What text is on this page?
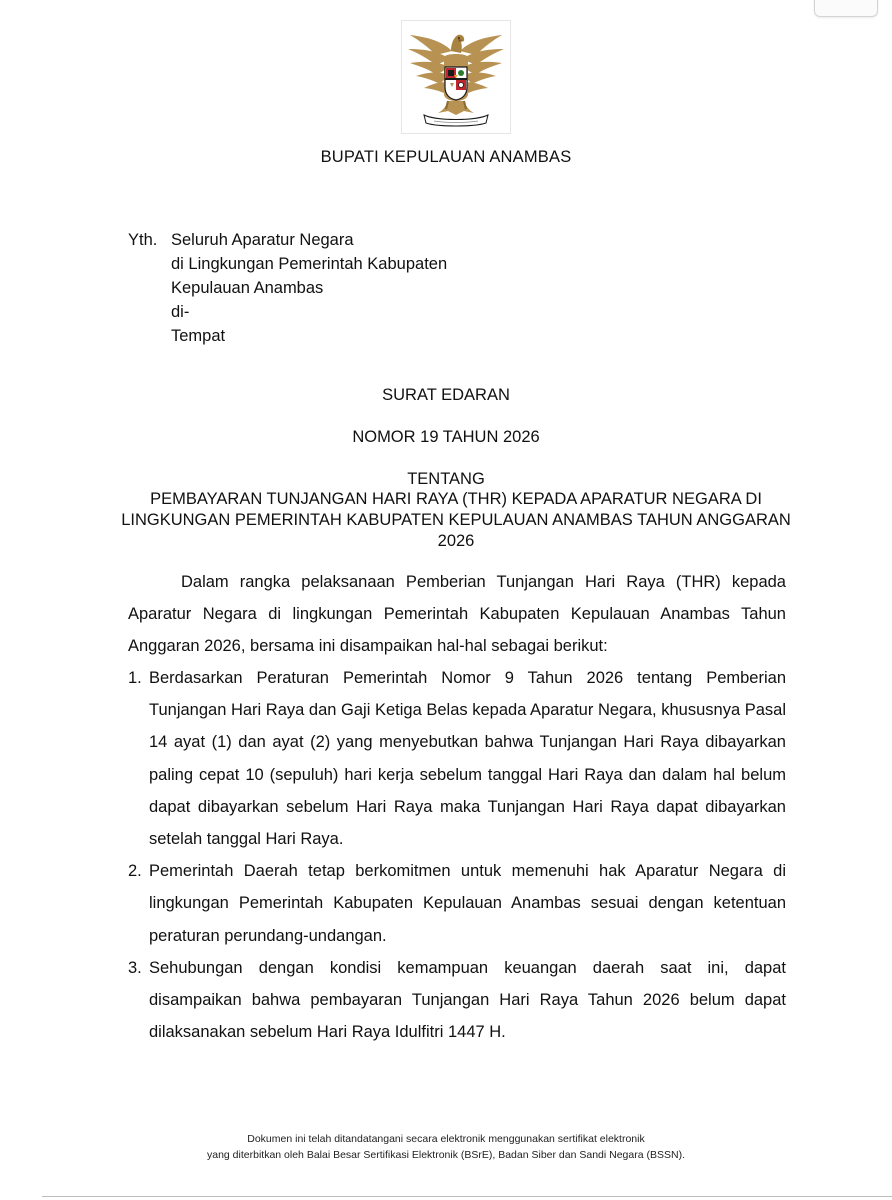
BUPATI KEPULAUAN ANAMBAS
Yth. Seluruh Aparatur Negara
di Lingkungan Pemerintah Kabupaten
Kepulauan Anambas
di-
Tempat
SURAT EDARAN
NOMOR 19 TAHUN 2026
TENTANG
PEMBAYARAN TUNJANGAN HARI RAYA (THR) KEPADA APARATUR NEGARA DI LINGKUNGAN PEMERINTAH KABUPATEN KEPULAUAN ANAMBAS TAHUN ANGGARAN 2026
Dalam rangka pelaksanaan Pemberian Tunjangan Hari Raya (THR) kepada Aparatur Negara di lingkungan Pemerintah Kabupaten Kepulauan Anambas Tahun Anggaran 2026, bersama ini disampaikan hal-hal sebagai berikut:
1. Berdasarkan Peraturan Pemerintah Nomor 9 Tahun 2026 tentang Pemberian Tunjangan Hari Raya dan Gaji Ketiga Belas kepada Aparatur Negara, khususnya Pasal 14 ayat (1) dan ayat (2) yang menyebutkan bahwa Tunjangan Hari Raya dibayarkan paling cepat 10 (sepuluh) hari kerja sebelum tanggal Hari Raya dan dalam hal belum dapat dibayarkan sebelum Hari Raya maka Tunjangan Hari Raya dapat dibayarkan setelah tanggal Hari Raya.
2. Pemerintah Daerah tetap berkomitmen untuk memenuhi hak Aparatur Negara di lingkungan Pemerintah Kabupaten Kepulauan Anambas sesuai dengan ketentuan peraturan perundang-undangan.
3. Sehubungan dengan kondisi kemampuan keuangan daerah saat ini, dapat disampaikan bahwa pembayaran Tunjangan Hari Raya Tahun 2026 belum dapat dilaksanakan sebelum Hari Raya Idulfitri 1447 H.
Dokumen ini telah ditandatangani secara elektronik menggunakan sertifikat elektronik
yang diterbitkan oleh Balai Besar Sertifikasi Elektronik (BSrE), Badan Siber dan Sandi Negara (BSSN).
